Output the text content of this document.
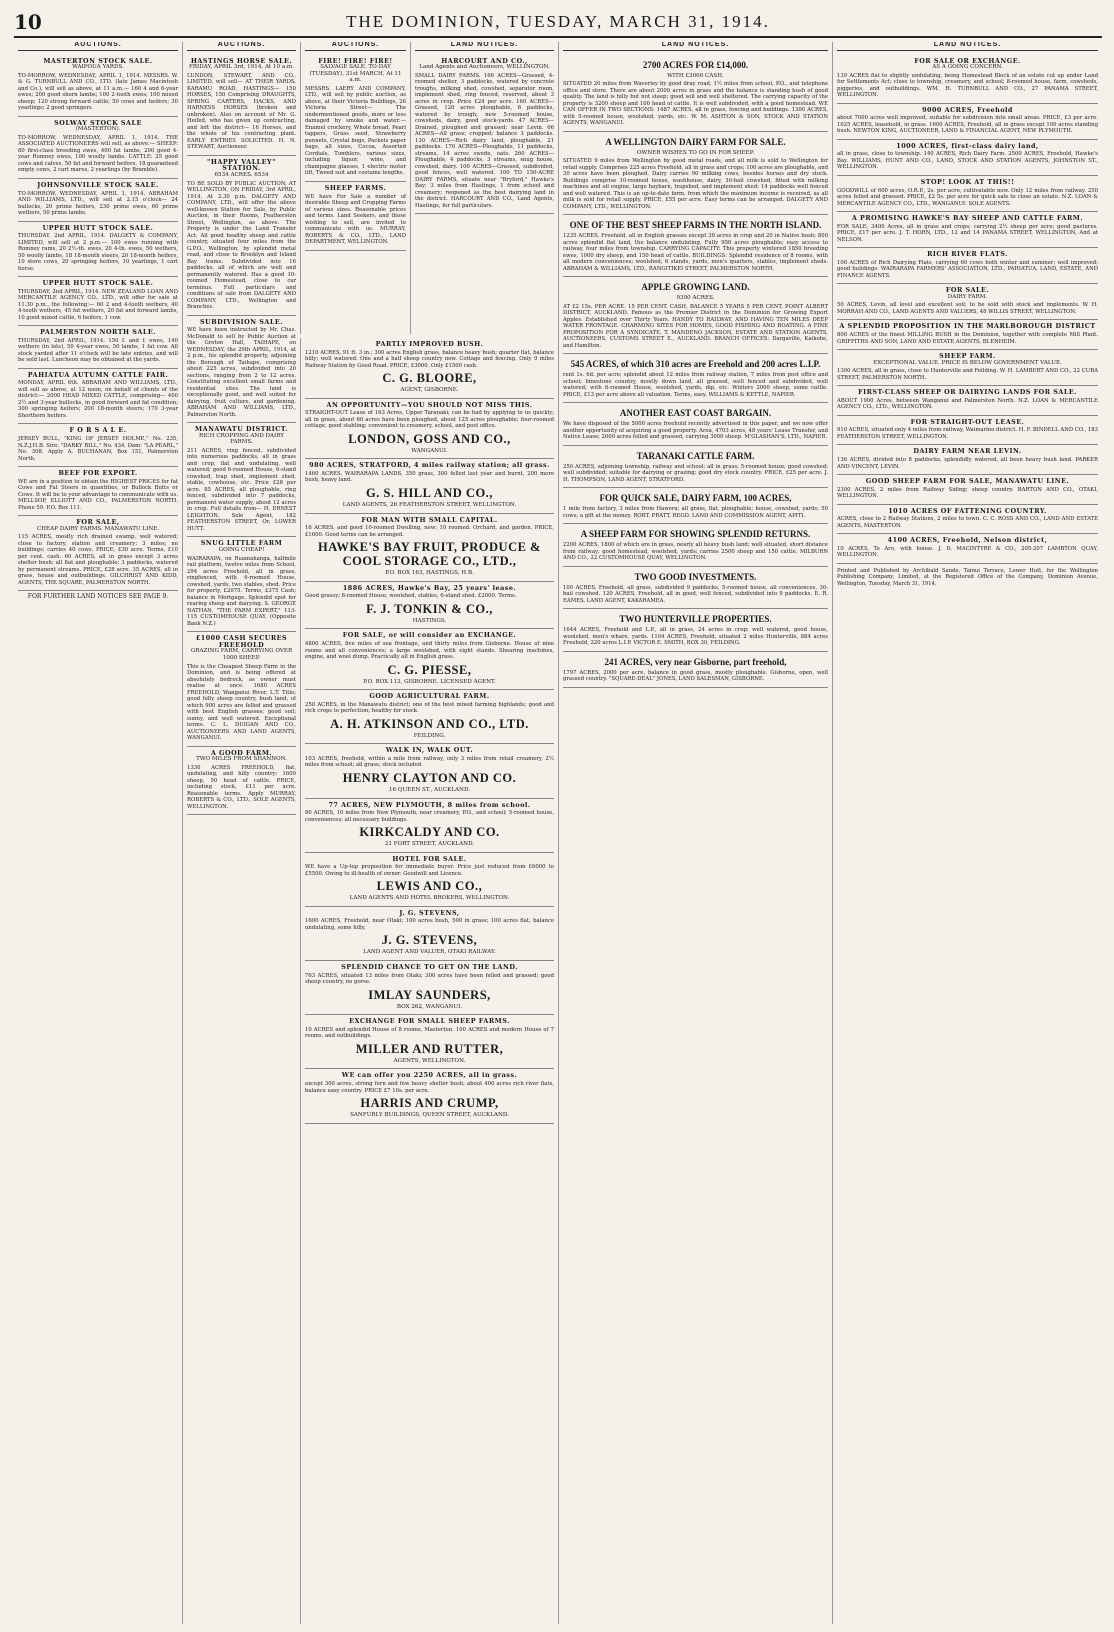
10	THE DOMINION, TUESDAY, MARCH 31, 1914.
AUCTIONS.
MASTERTON STOCK SALE.
WAIPOUA YARDS.
TO-MORROW, WEDNESDAY, APRIL 1, 1914. MESSRS. W. & G. TURNBULL AND CO., LTD. (late James Macintosh and Co.), will sell as above, at 11 a.m.— 160 4 and 6-year ewes; 200 good shorn lambs; 100 2-tooth ewes; 100 mixed sheep; 120 strong forward cattle; 50 cows and heifers; 30 yearlings; 2 good springers.
SOLWAY STOCK SALE
(MASTERTON).
TO-MORROW, WEDNESDAY, APRIL 1, 1914. THE ASSOCIATED AUCTIONEERS will sell, as above:— SHEEP: 80 first-class breeding ewes, 400 fat lambs, 200 good 4-year Romney ewes, 100 woolly lambs. CATTLE: 25 good cows and calves, 50 fat and forward heifers, 18 guaranteed empty cows, 2 cart mares, 2 yearlings (by Bramble).
JOHNSONVILLE STOCK SALE.
TO-MORROW, WEDNESDAY, APRIL 1, 1914. ABRAHAM AND WILLIAMS, LTD., will sell at 2.15 o'clock— 24 bullocks, 20 prime heifers, 230 prime ewes, 60 prime wethers, 50 prime lambs.
UPPER HUTT STOCK SALE.
THURSDAY, 2nd APRIL, 1914. DALGETY & COMPANY, LIMITED, will sell at 2 p.m.— 100 ewes running with Romney rams, 20 2½-th. ewes, 20 4-th. ewes, 50 wethers, 50 woolly lambs, 18 18-month steers, 20 18-month heifers, 10 store cows, 20 springing heifers, 10 yearlings, 1 cart horse.
UPPER HUTT STOCK SALE.
THURSDAY, 2nd APRIL, 1914. NEW ZEALAND LOAN AND MERCANTILE AGENCY CO., LTD., will offer for sale at 11.30 p.m., the following:— 60 2 and 4-tooth wethers, 40 4-tooth wethers, 45 fat wethers, 20 fat and forward lambs, 10 good mixed cattle, 6 heifers, 1 cow.
PALMERSTON NORTH SALE.
THURSDAY, 2nd APRIL, 1914. 150 f. and f. ewes, 140 wethers (in lots), 50 4-year ewes, 50 lambs, 1 fat cow. All stock yarded after 11 o'clock will be late entries, and will be sold last. Luncheon may be obtained at the yards.
PAHIATUA AUTUMN CATTLE FAIR.
MONDAY, APRIL 6th. ABRAHAM AND WILLIAMS, LTD., will sell as above, at 12 noon, on behalf of clients of the district:— 2000 HEAD MIXED CATTLE, comprising— 400 2½ and 3-year bullocks, in good forward and fat condition; 300 springing heifers; 200 18-month steers; 170 3-year Shorthorn heifers.
F O R S A L E.
JERSEY BULL, "KING OF JERSEY HOLME," No. 235, N.Z.J.H.B. Sire: "DARKY BILL," No. 434. Dam: "LA PEARL," No. 308. Apply A. BUCHANAN, Box 151, Palmerston North.
BEEF FOR EXPORT.
WE are in a position to obtain the HIGHEST PRICES for fat Cows and Fat Steers in quantities, or Bullock Butts or Cows. It will be to your advantage to communicate with us. MELLSOP, ELLIOTT AND CO., PALMERSTON NORTH. Phone 59. P.O. Box 111.
FOR SALE,
CHEAP DAIRY FARMS. MANAWATU LINE.
115 ACRES, mostly rich drained swamp, well watered; close to factory, station and creamery; 3 miles; no buildings; carries 40 cows. PRICE, £30 acre. Terms, £10 per cent. cash. 60 ACRES, all in grass except 3 acres shelter bush; all flat and ploughable; 3 paddocks, watered by permanent streams. PRICE, £28 acre. 35 ACRES, all in grass, house and outbuildings. GILCHRIST AND KIDD, AGENTS, THE SQUARE, PALMERSTON NORTH.
FOR FURTHER LAND NOTICES SEE PAGE 9.
AUCTIONS.
HASTINGS HORSE SALE.
FRIDAY, APRIL 3rd, 1914, At 10 a.m.
LUNDON, STEWART, AND CO., LIMITED, will sell— AT THEIR YARDS, KARAMU ROAD, HASTINGS— 150 HORSES, 150 Comprising DRAUGHTS, SPRING CARTERS, HACKS, AND HARNESS HORSES (broken and unbroken). Also on account of Mr. G. Heifed, who has given up contracting, and left the district— 16 Horses, and the whole of his contracting plant. EARLY ENTRIES SOLICITED. H. N. STEWART, Auctioneer.
"HAPPY VALLEY" STATION.
6534 ACRES. 6534
TO BE SOLD BY PUBLIC AUCTION, AT WELLINGTON, ON FRIDAY, 3rd APRIL, 1914, At 2.30 p.m. DALGETY AND COMPANY, LTD., will offer the above well-known Station for Sale, by Public Auction, in their Rooms, Featherston Street, Wellington, as above. The Property is under the Land Transfer Act. All good healthy sheep and cattle country, situated four miles from the G.P.O., Wellington, by splendid metal road, and close to Brooklyn and Island Bay trams. Subdivided into 16 paddocks, all of which are well and permanently watered. Has a good 10-roomed Homestead, close to car terminus. Full particulars and conditions of sale from DALGETY AND COMPANY, LTD., Wellington and Branches.
SUBDIVISION SALE.
WE have been instructed by Mr. Chas. McDonald to sell by Public Auction at the Groton Hall, TAIHAPE, on WEDNESDAY, the 29th APRIL, 1914, at 2 p.m., his splendid property, adjoining the Borough of Taihape, comprising about 225 acres, subdivided into 20 sections, ranging from 2 to 12 acres. Constituting excellent small farms and residential sites. The land is exceptionally good, and well suited for dairying, fruit culture, and gardening. ABRAHAM AND WILLIAMS, LTD., Palmerston North.
MANAWATU DISTRICT.
RICH CROPPING AND DAIRY FARMS.
211 ACRES, ring fenced, subdivided into numerous paddocks, all in grass and crop, flat and undulating, well watered; good 6-roomed House, 6-stand cowshed, trap shed, implement shed, stable, cowhouse, etc. Price £28 per acre. 85 ACRES, all ploughable, ring fenced, subdivided into 7 paddocks, permanent water supply, about 12 acres in crop. Full details from— H. ERNEST LEIGHTON, Sole Agent, 182 FEATHERSTON STREET, Or, LOWER HUTT.
SNUG LITTLE FARM
GOING CHEAP!
WAIRARAPA, on Ruamahanga, halfmile rail platform, twelve miles from School, 294 acres Freehold, all in grass, ringfenced, with 6-roomed House, cowshed, yards, two stables, shed. Price for property, £2075. Terms, £375 Cash; balance in Mortgage. Splendid spot for rearing sheep and dairying. S. GEORGE NATHAN, "THE FARM EXPERT," 113-115 CUSTOMHOUSE QUAY. (Opposite Bank N.Z.)
£1000 CASH SECURES FREEHOLD
GRAZING FARM, CARRYING OVER 1000 SHEEP.
This is the Cheapest Sheep Farm in the Dominion, and is being offered at absolutely bedrock, as owner must realise at once. 1680 ACRES FREEHOLD, Wanganui River, L.T. Title; good hilly sheep country, bush land, of which 900 acres are felled and grassed with best English grasses; good soil; sunny, and well watered. Exceptional terms. C. L. DUIGAN AND CO., AUCTIONEERS AND LAND AGENTS, WANGANUI.
A GOOD FARM.
TWO MILES FROM SHANNON.
1330 ACRES FREEHOLD, flat, undulating, and hilly country; 1600 sheep, 50 head of cattle. PRICE, including stock, £11 per acre. Reasonable terms. Apply MURRAY, ROBERTS & CO., LTD., SOLE AGENTS, WELLINGTON.
AUCTIONS.
FIRE! FIRE! FIRE!
SALVAGE SALE. TO-DAY (TUESDAY), 31st MARCH, At 11 a.m.
MESSRS. LAERY AND COMPANY, LTD., will sell by public auction, as above, at their Victoria Buildings, 26 Victoria Street— The undermentioned goods, more or less damaged by smoke and water:— Enamel crockery, Whole bread, Pearl tappers, Grass seed, Strawberry punnets, Crystal bugs, Packets paper bags, all sizes, Cocoa, Assorted Cordials, Tumblers, various sizes, including liquor, wine, and champagne glasses, 1 electric motor lift, Tweed suit and costume lengths.
SHEEP FARMS.
WE have For Sale a number of desirable Sheep and Cropping Farms of various sizes. Reasonable prices and terms. Land Seekers, and those wishing to sell, are invited to communicate with us. MURRAY, ROBERTS & CO., LTD., LAND DEPARTMENT, WELLINGTON.
LAND NOTICES.
HARCOURT AND CO.,
Land Agents and Auctioneers, WELLINGTON.
SMALL DAIRY FARMS. 166 ACRES—Grassed, 4-roomed shelter, 3 paddocks, watered by concrete troughs, milking shed, cowshed, separator room, implement shed, ring fenced, reserved, about 3 acres in crop. Price £24 per acre. 160 ACRES—Grassed, 120 acres ploughable, 6 paddocks, watered by trough; new 5-roomed house, cowsheds, dairy, good stock-yards. 47 ACRES—Drained, ploughed and grassed; near Levin. 66 ACRES—All grass; cropped; balance 3 paddocks. 130 ACRES—Rich dairy land, ploughable, 21 paddocks. 170 ACRES—Ploughable, 11 paddocks, streams, 14 acres swede, oats. 260 ACRES—Ploughable, 4 paddocks, 3 streams, snug house, cowshed, dairy. 100 ACRES—Grassed, subdivided, good fences, well watered. 100 TO 150-ACRE DAIRY FARMS, situate near "Bryford," Hawke's Bay; 3 miles from Hastings, 1 from school and creamery; reopened as the best dairying land in the district. HARCOURT AND CO., Land Agents, Hastings, for full particulars.
PARTLY IMPROVED BUSH.
1210 ACRES, 91 ft. 3 in.; 300 acres English grass, balance heavy bush; quarter flat, balance hilly; well watered. One and a half sheep country now. Cottage and fencing. Only 9 miles Railway Station by Good Road. PRICE, £3000. Only £1500 cash.
C. G. BLOORE,
AGENT, GISBORNE.
AN OPPORTUNITY—YOU SHOULD NOT MISS THIS.
STRAIGHT-OUT Lease of 163 Acres, Upper Taranaki; can be had by applying to us quickly; all in grass, about 60 acres have been ploughed, about 125 acres ploughable; four-roomed cottage, good stabling; convenient to creamery, school, and post office.
LONDON, GOSS AND CO.,
WANGANUI.
980 ACRES, STRATFORD, 4 miles railway station; all grass.
1460 ACRES, WAIRARAPA LANDS, 350 grass, 300 felled last year and burnt, 200 more bush, heavy land.
G. S. HILL AND CO.,
LAND AGENTS, 26 FEATHERSTON STREET, WELLINGTON.
FOR MAN WITH SMALL CAPITAL.
16 ACRES, and good 10-roomed Dwelling, new; 10 roomed. Orchard, and garden. PRICE, £1600. Good terms can be arranged.
HAWKE'S BAY FRUIT, PRODUCE & COOL STORAGE CO., LTD.,
P.O. BOX 163, HASTINGS, H.B.
1886 ACRES, Hawke's Bay, 25 years' lease.
Good grassy; 8-roomed House, woolshed, stables, 6-stand shed. £2000. Terms.
F. J. TONKIN & CO.,
HASTINGS.
FOR SALE, or will consider an EXCHANGE.
4800 ACRES, five miles of sea frontage, and thirty miles from Gisborne. House of nine rooms and all conveniences; a large woolshed, with eight stands. Shearing machines, engine, and wool dump. Practically all in English grass.
C. G. PIESSE,
P.O. BOX 113, GISBORNE. LICENSED AGENT.
GOOD AGRICULTURAL FARM.
250 ACRES, in the Manawatu district; one of the best mixed farming highlands; good and rich crops to perfection; healthy for stock.
A. H. ATKINSON AND CO., LTD.
FEILDING.
WALK IN, WALK OUT.
103 ACRES, freehold, within a mile from railway, only 3 miles from retail creamery, 2½ miles from school; all grass; stock included.
HENRY CLAYTON AND CO.
16 QUEEN ST., AUCKLAND.
77 ACRES, NEW PLYMOUTH, 8 miles from school.
80 ACRES, 10 miles from New Plymouth, near creamery, P.O., and school; 5-roomed house, conveniences; all necessary buildings.
KIRKCALDY AND CO.
21 FORT STREET, AUCKLAND.
HOTEL FOR SALE.
WE have a Up-top proposition for immediate buyer. Price just reduced from £6000 to £5500. Owing to ill-health of owner. Goodwill and Licence.
LEWIS AND CO.,
LAND AGENTS AND HOTEL BROKERS, WELLINGTON.
J. G. STEVENS,
1600 ACRES, Freehold, near Otaki; 100 acres bush, 500 in grass; 100 acres flat, balance undulating, some hilly.
J. G. STEVENS,
LAND AGENT AND VALUER, OTAKI RAILWAY.
SPLENDID CHANCE TO GET ON THE LAND.
763 ACRES, situated 13 miles from Otaki; 300 acres have been felled and grassed; good sheep country, no gorse.
IMLAY SAUNDERS,
BOX 262, WANGANUI.
EXCHANGE FOR SMALL SHEEP FARMS.
10 ACRES and splendid House of 8 rooms, Masterton. 100 ACRES and modern House of 7 rooms, and outbuildings.
MILLER AND RUTTER,
AGENTS, WELLINGTON.
WE can offer you 2250 ACRES, all in grass.
except 300 acres, strong fern and few heavy shelter bush; about 400 acres rich river flats, balance easy country. PRICE £7 10s. per acre.
HARRIS AND CRUMP,
SANFURLY BUILDINGS, QUEEN STREET, AUCKLAND.
LAND NOTICES.
2700 ACRES FOR £14,000.
WITH £3000 CASH.
SITUATED 20 miles from Waverley by good dray road, 1½ miles from school, P.O., and telephone office and store. There are about 2000 acres in grass and the balance is standing bush of good quality. The land is hilly but not steep; good soil and well sheltered. The carrying capacity of the property is 3200 sheep and 100 head of cattle. It is well subdivided, with a good homestead. WE CAN OFFER IN TWO SECTIONS: 1487 ACRES, all in grass, fencing and buildings. 1300 ACRES, with 5-roomed house, woolshed, yards, etc. W. M. ASHTON & SON, STOCK AND STATION AGENTS, WANGANUI.
A WELLINGTON DAIRY FARM FOR SALE.
OWNER WISHES TO GO IN FOR SHEEP.
SITUATED 9 miles from Wellington by good metal roads, and all milk is sold to Wellington for retail supply. Comprises 225 acres Freehold, all in grass and crops; 100 acres are ploughable, and 30 acres have been ploughed. Dairy carries 90 milking cows, besides horses and dry stock. Buildings comprise 10-roomed house, washhouse, dairy, 30-bail cowshed, fitted with milking machines and oil engine, large haybarn, trapshed, and implement shed; 14 paddocks well fenced and well watered. This is an up-to-date farm, from which the maximum income is received, as all milk is sold for retail supply. PRICE, £55 per acre. Easy terms can be arranged. DALGETY AND COMPANY, LTD., WELLINGTON.
ONE OF THE BEST SHEEP FARMS IN THE NORTH ISLAND.
1235 ACRES, Freehold, all in English grasses except 30 acres in crop and 20 in Native bush; 800 acres splendid flat land, the balance undulating. Fully 950 acres ploughable; easy access to railway, four miles from township. CARRYING CAPACITY: This property wintered 1850 breeding ewes, 1000 dry sheep, and 150 head of cattle. BUILDINGS: Splendid residence of 8 rooms, with all modern conveniences; woolshed, 6 stands, yards, men's quarters, stables, implement sheds. ABRAHAM & WILLIAMS, LTD., RANGITIKEI STREET, PALMERSTON NORTH.
APPLE GROWING LAND.
9300 ACRES.
AT £2 15s. PER ACRE. 15 PER CENT. CASH, BALANCE 5 YEARS 5 PER CENT. POINT ALBERT DISTRICT, AUCKLAND. Famous as the Premier District in the Dominion for Growing Export Apples. Established over Thirty Years. HANDY TO RAILWAY, AND HAVING TEN MILES DEEP WATER FRONTAGE. CHARMING SITES FOR HOMES, GOOD FISHING AND BOATING. A FINE PROPOSITION FOR A SYNDICATE. T. MANDENO JACKSON, ESTATE AND STATION AGENTS, AUCTIONEERS, CUSTOMS STREET E., AUCKLAND. BRANCH OFFICES: Dargaville, Kaikohe, and Hamilton.
545 ACRES, of which 310 acres are Freehold and 200 acres L.I.P.
rent 1s. 6d. per acre; splendid about 12 miles from railway station, 7 miles from post office and school; limestone country, mostly down land, all grassed, well fenced and subdivided, well watered; with 6-roomed House, woolshed, yards, dip, etc. Winters 2000 sheep, some cattle. PRICE, £13 per acre above all valuation. Terms, easy. WILLIAMS & KETTLE, NAPIER.
ANOTHER EAST COAST BARGAIN.
We have disposed of the 5000 acres freehold recently advertised in this paper, and we now offer another opportunity of acquiring a good property. Area, 4703 acres, 48 years' Lease Transfer, and Native Lease; 2000 acres felled and grassed, carrying 3000 sheep. M'GLASHAN'S, LTD., NAPIER.
TARANAKI CATTLE FARM.
250 ACRES, adjoining township, railway and school; all in grass; 5-roomed house; good cowshed; well subdivided; suitable for dairying or grazing; good dry stock country. PRICE, £25 per acre. J. H. THOMPSON, LAND AGENT, STRATFORD.
FOR QUICK SALE, DAIRY FARM, 100 ACRES,
1 mile from factory, 3 miles from Hawera; all grass, flat, ploughable; house, cowshed, yards; 50 cows; a gift at the money. ROBT. PRATT, REGD. LAND AND COMMISSION AGENT, APITI.
A SHEEP FARM FOR SHOWING SPLENDID RETURNS.
2200 ACRES, 1800 of which are in grass, nearly all heavy bush land; well situated, short distance from railway; good homestead, woolshed, yards; carries 2500 sheep and 150 cattle. MILBURN AND CO., 22 CUSTOMHOUSE QUAY, WELLINGTON.
TWO GOOD INVESTMENTS.
100 ACRES, Freehold, all grass, subdivided 9 paddocks, 5-roomed house, all conveniences, 30-bail cowshed. 120 ACRES, Freehold, all in good, well fenced, subdivided into 9 paddocks. E. R. EAMES, LAND AGENT, KAKARAMEA.
TWO HUNTERVILLE PROPERTIES.
1644 ACRES, Freehold and L.P., all in grass, 24 acres in crop; well watered, good house, woolshed, men's whare, yards. 1104 ACRES, Freehold, situated 2 miles Hunterville, 884 acres Freehold, 220 acres L.I.P. VICTOR E. SMITH, BOX 30, FEILDING.
241 ACRES, very near Gisborne, part freehold,
1797 ACRES, 2000 per acre, balance in good grass, mostly ploughable. Gisborne, open, well grassed country. "SQUARE-DEAL" JONES, LAND SALESMAN, GISBORNE.
LAND NOTICES.
FOR SALE OR EXCHANGE.
AS A GOING CONCERN.
139 ACRES flat to slightly undulating, being Homestead Block of an estate cut up under Land for Settlements Act; close to township, creamery, and school; 8-roomed house, farm, cowsheds, piggeries, and outbuildings. WM. H. TURNBULL AND CO., 27 PANAMA STREET, WELLINGTON.
9000 ACRES, Freehold
about 7000 acres well improved, suitable for subdivision into small areas. PRICE, £3 per acre. 1025 ACRES, leasehold, in grass. 1600 ACRES, Freehold, all in grass except 100 acres standing bush. NEWTON KING, AUCTIONEER, LAND & FINANCIAL AGENT, NEW PLYMOUTH.
1000 ACRES, first-class dairy land,
all in grass, close to township. 140 ACRES, Rich Dairy Farm. 2500 ACRES, Freehold, Hawke's Bay. WILLIAMS, HUNT AND CO., LAND, STOCK AND STATION AGENTS, JOHNSTON ST., WELLINGTON.
STOP! LOOK AT THIS!!
GOODWILL of 600 acres, O.R.P., 2s. per acre, cultivatable now. Only 12 miles from railway. 250 acres felled and grassed. PRICE, £2 5s. per acre for quick sale to close an estate. N.Z. LOAN & MERCANTILE AGENCY CO., LTD., WANGANUI: SOLE AGENTS.
A PROMISING HAWKE'S BAY SHEEP AND CATTLE FARM.
FOR SALE, 3400 Acres, all in grass and crops; carrying 2½ sheep per acre; good pastures. PRICE, £17 per acre. J. T. HORN, LTD., 12 and 14 PANAMA STREET, WELLINGTON, And at NELSON.
RICH RIVER FLATS.
100 ACRES of Rich Dairying Flats, carrying 60 cows both winter and summer; well improved; good buildings. WAIRARAPA FARMERS' ASSOCIATION, LTD., PAHIATUA, LAND, ESTATE, AND FINANCE AGENTS.
FOR SALE.
DAIRY FARM.
50 ACRES, Levin, all level and excellent soil; to be sold with stock and implements. W. H. MORRAH AND CO., LAND AGENTS AND VALUERS, 48 WILLIS STREET, WELLINGTON.
A SPLENDID PROPOSITION IN THE MARLBOROUGH DISTRICT
800 ACRES of the finest MILLING BUSH in the Dominion, together with complete Mill Plant. GRIFFITHS AND SON, LAND AND ESTATE AGENTS, BLENHEIM.
SHEEP FARM.
EXCEPTIONAL VALUE. PRICE IS BELOW GOVERNMENT VALUE.
1300 ACRES, all in grass, close to Hunterville and Feilding. W. H. LAMBERT AND CO., 22 CUBA STREET, PALMERSTON NORTH.
FIRST-CLASS SHEEP OR DAIRYING LANDS FOR SALE.
ABOUT 1900 Acres, between Wanganui and Palmerston North. N.Z. LOAN & MERCANTILE AGENCY CO., LTD., WELLINGTON.
FOR STRAIGHT-OUT LEASE.
910 ACRES, situated only 4 miles from railway, Waimarino district. H. F. BINDELL AND CO., 183 FEATHERSTON STREET, WELLINGTON.
DAIRY FARM NEAR LEVIN.
136 ACRES, divided into 8 paddocks, splendidly watered, all been heavy bush land. PARKER AND VINCENT, LEVIN.
GOOD SHEEP FARM FOR SALE, MANAWATU LINE.
2300 ACRES, 2 miles from Railway Siding; sheep country. BARTON AND CO., OTAKI, WELLINGTON.
1010 ACRES OF FATTENING COUNTRY.
ACRES, close to 2 Railway Stations, 2 miles to town. C. C. ROSS AND CO., LAND AND ESTATE AGENTS, MASTERTON.
4100 ACRES, Freehold, Nelson district,
10 ACRES, Te Aro, with house. J. D. MACINTYRE & CO., 205-207 LAMBTON QUAY, WELLINGTON.
Printed and Published by Archibald Sando, Tainui Terrace, Lower Hutt, for the Wellington Publishing Company, Limited, at the Registered Office of the Company, Dominion Avenue, Wellington, Tuesday, March 31, 1914.
